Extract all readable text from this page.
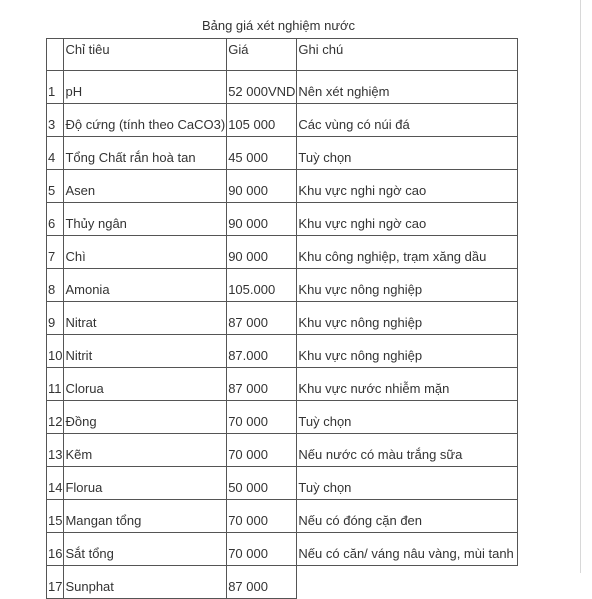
Bảng giá xét nghiệm nước
	Chỉ tiêu	Giá	Ghi chú
1	pH	52 000VND	Nên xét nghiệm
3	Độ cứng (tính theo CaCO3)	105 000	Các vùng có núi đá
4	Tổng Chất rắn hoà tan	45 000	Tuỳ chọn
5	Asen	90 000	Khu vực nghi ngờ cao
6	Thủy ngân	90 000	Khu vực nghi ngờ cao
7	Chì	90 000	Khu công nghiệp, trạm xăng dầu
8	Amonia	105.000	Khu vực nông nghiệp
9	Nitrat	87 000	Khu vực nông nghiệp
10	Nitrit	87.000	Khu vực nông nghiệp
11	Clorua	87 000	Khu vực nước nhiễm mặn
12	Đồng	70 000	Tuỳ chọn
13	Kẽm	70 000	Nếu nước có màu trắng sữa
14	Florua	50 000	Tuỳ chọn
15	Mangan tổng	70 000	Nếu có đóng cặn đen
16	Sắt tổng	70 000	Nếu có căn/ váng nâu vàng, mùi tanh
17	Sunphat	87 000	
